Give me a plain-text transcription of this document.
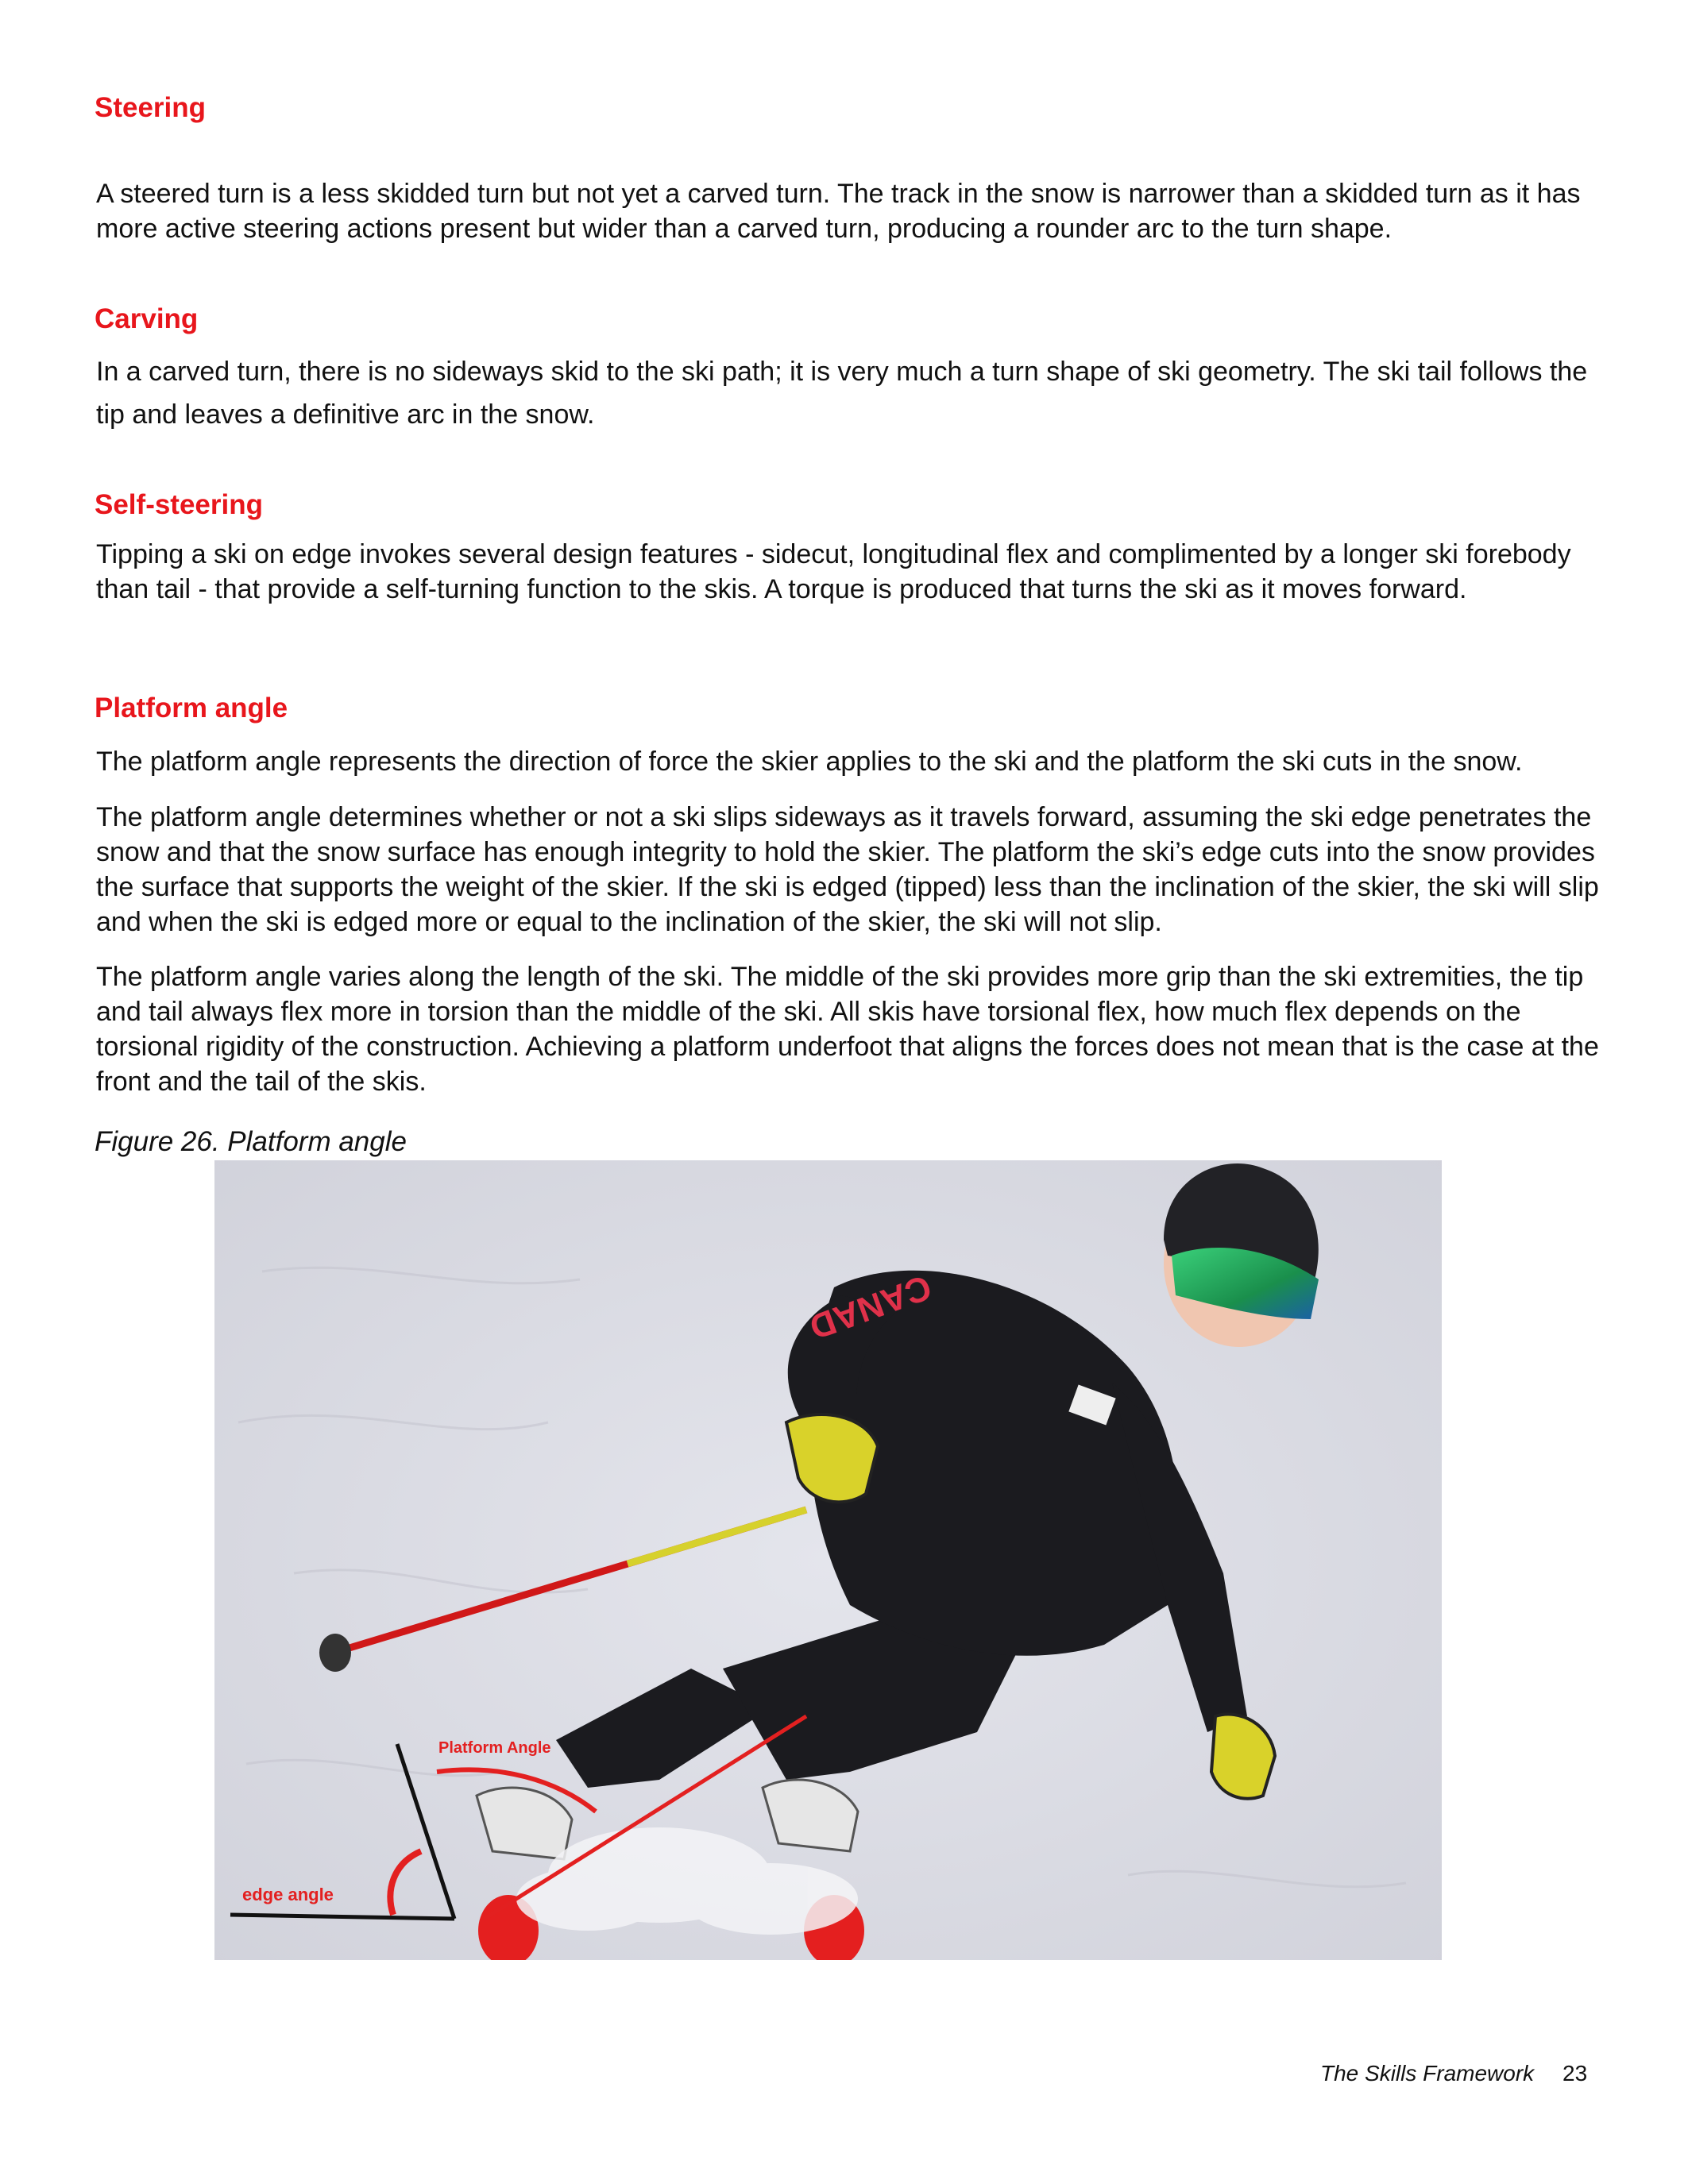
Steering

A steered turn is a less skidded turn but not yet a carved turn. The track in the snow is narrower than a skidded turn as it has more active steering actions present but wider than a carved turn, producing a rounder arc to the turn shape.

Carving

In a carved turn, there is no sideways skid to the ski path; it is very much a turn shape of ski geometry. The ski tail follows the tip and leaves a definitive arc in the snow.

Self-steering

Tipping a ski on edge invokes several design features - sidecut, longitudinal flex and complimented by a longer ski forebody than tail - that provide a self-turning function to the skis. A torque is produced that turns the ski as it moves forward.

Platform angle

The platform angle represents the direction of force the skier applies to the ski and the platform the ski cuts in the snow.

The platform angle determines whether or not a ski slips sideways as it travels forward, assuming the ski edge penetrates the snow and that the snow surface has enough integrity to hold the skier. The platform the ski’s edge cuts into the snow provides the surface that supports the weight of the skier. If the ski is edged (tipped) less than the inclination of the skier, the ski will slip and when the ski is edged more or equal to the inclination of the skier, the ski will not slip.

The platform angle varies along the length of the ski. The middle of the ski provides more grip than the ski extremities, the tip and tail always flex more in torsion than the middle of the ski. All skis have torsional flex, how much flex depends on the torsional rigidity of the construction. Achieving a platform underfoot that aligns the forces does not mean that is the case at the front and the tail of the skis.

Figure 26. Platform angle

CANAD
Platform Angle
edge angle

The Skills Framework 23
